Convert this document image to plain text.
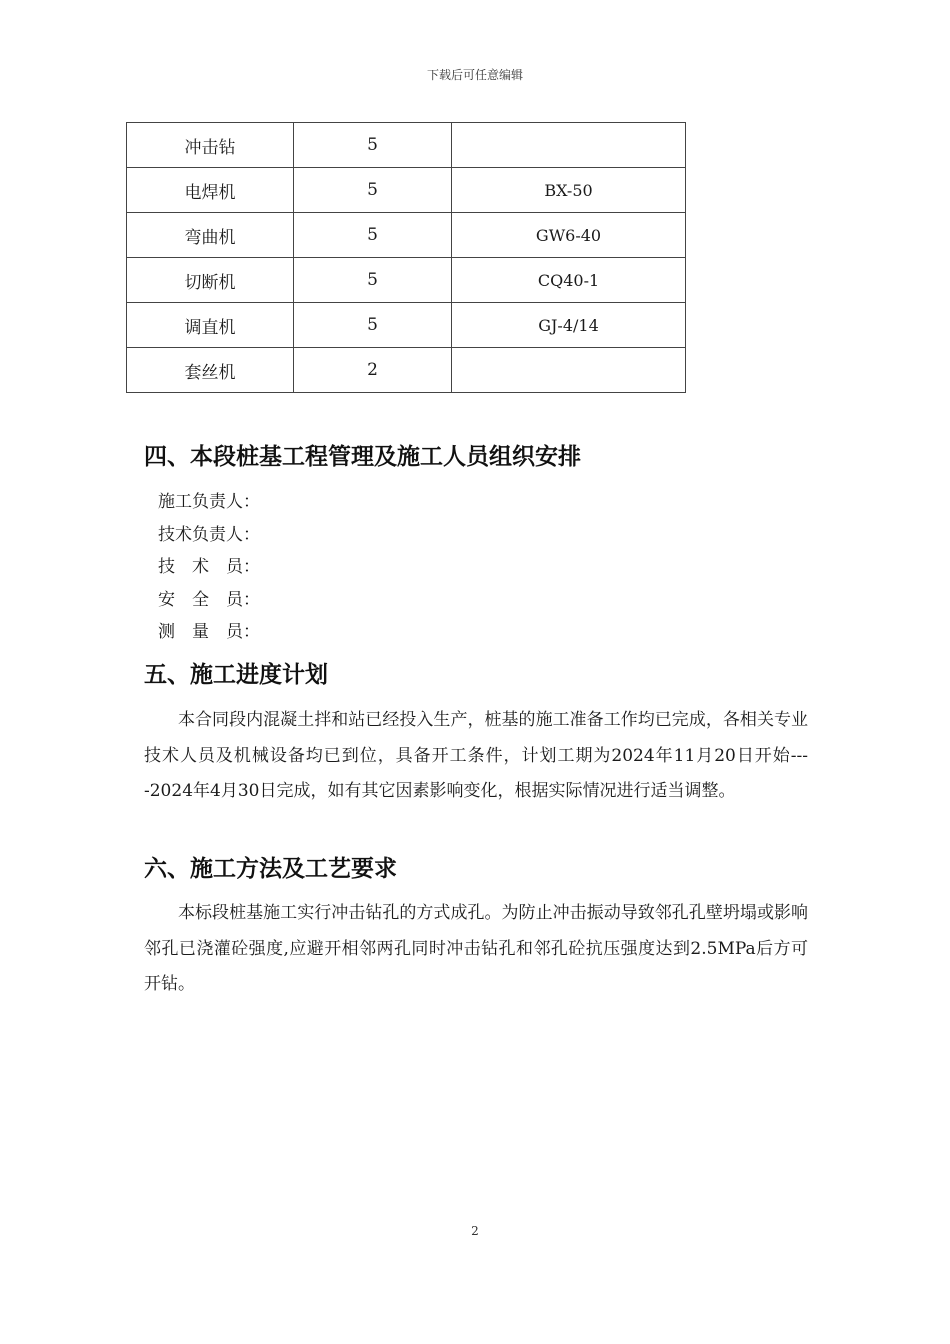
下载后可任意编辑
冲击钻	5	
电焊机	5	BX-50
弯曲机	5	GW6-40
切断机	5	CQ40-1
调直机	5	GJ-4/14
套丝机	2	
四、本段桩基工程管理及施工人员组织安排
施工负责人：
技术负责人：
技　术　员：
安　全　员：
测　量　员：
五、施工进度计划

本合同段内混凝土拌和站已经投入生产，桩基的施工准备工作均已完成，各相关专业技术人员及机械设备均已到位，具备开工条件，计划工期为2024年11月20日开始----2024年4月30日完成，如有其它因素影响变化，根据实际情况进行适当调整。

六、施工方法及工艺要求

本标段桩基施工实行冲击钻孔的方式成孔。为防止冲击振动导致邻孔孔壁坍塌或影响邻孔已浇灌砼强度,应避开相邻两孔同时冲击钻孔和邻孔砼抗压强度达到2.5MPa后方可开钻。

2
